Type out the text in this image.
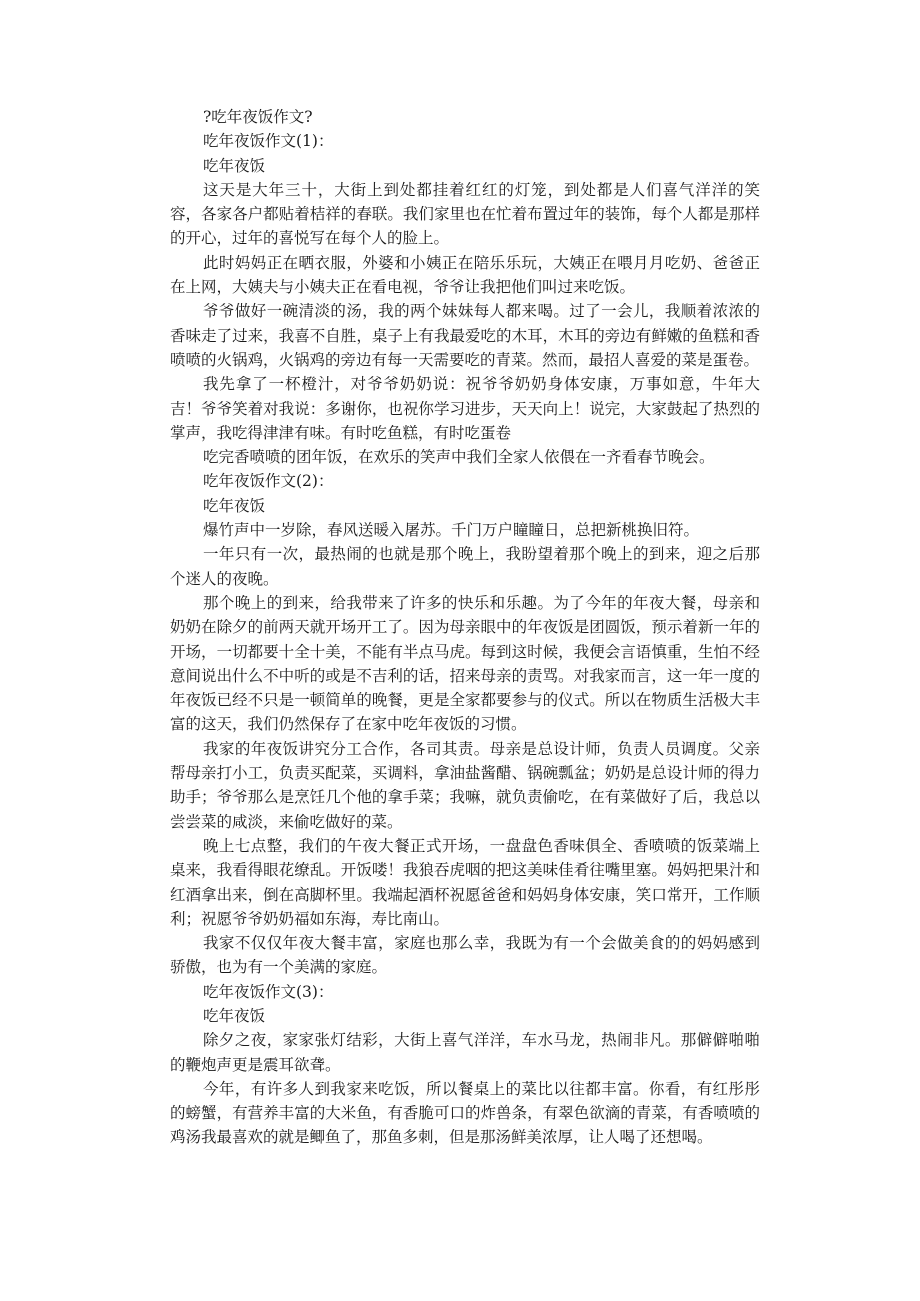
?吃年夜饭作文?

吃年夜饭作文(1)：

吃年夜饭

这天是大年三十，大街上到处都挂着红红的灯笼，到处都是人们喜气洋洋的笑容，各家各户都贴着桔祥的春联。我们家里也在忙着布置过年的装饰，每个人都是那样的开心，过年的喜悦写在每个人的脸上。

此时妈妈正在晒衣服，外婆和小姨正在陪乐乐玩，大姨正在喂月月吃奶、爸爸正在上网，大姨夫与小姨夫正在看电视，爷爷让我把他们叫过来吃饭。

爷爷做好一碗清淡的汤，我的两个妹妹每人都来喝。过了一会儿，我顺着浓浓的香味走了过来，我喜不自胜，桌子上有我最爱吃的木耳，木耳的旁边有鲜嫩的鱼糕和香喷喷的火锅鸡，火锅鸡的旁边有每一天需要吃的青菜。然而，最招人喜爱的菜是蛋卷。

我先拿了一杯橙汁，对爷爷奶奶说：祝爷爷奶奶身体安康，万事如意，牛年大吉！爷爷笑着对我说：多谢你，也祝你学习进步，天天向上！说完，大家鼓起了热烈的掌声，我吃得津津有味。有时吃鱼糕，有时吃蛋卷

吃完香喷喷的团年饭，在欢乐的笑声中我们全家人依偎在一齐看春节晚会。

吃年夜饭作文(2)：

吃年夜饭

爆竹声中一岁除，春风送暖入屠苏。千门万户瞳瞳日，总把新桃换旧符。

一年只有一次，最热闹的也就是那个晚上，我盼望着那个晚上的到来，迎之后那个迷人的夜晚。

那个晚上的到来，给我带来了许多的快乐和乐趣。为了今年的年夜大餐，母亲和奶奶在除夕的前两天就开场开工了。因为母亲眼中的年夜饭是团圆饭，预示着新一年的开场，一切都要十全十美，不能有半点马虎。每到这时候，我便会言语慎重，生怕不经意间说出什么不中听的或是不吉利的话，招来母亲的责骂。对我家而言，这一年一度的年夜饭已经不只是一顿简单的晚餐，更是全家都要参与的仪式。所以在物质生活极大丰富的这天，我们仍然保存了在家中吃年夜饭的习惯。

我家的年夜饭讲究分工合作，各司其责。母亲是总设计师，负责人员调度。父亲帮母亲打小工，负责买配菜，买调料，拿油盐酱醋、锅碗瓢盆；奶奶是总设计师的得力助手；爷爷那么是烹饪几个他的拿手菜；我嘛，就负责偷吃，在有菜做好了后，我总以尝尝菜的咸淡，来偷吃做好的菜。

晚上七点整，我们的午夜大餐正式开场，一盘盘色香味俱全、香喷喷的饭菜端上桌来，我看得眼花缭乱。开饭喽！我狼吞虎咽的把这美味佳肴往嘴里塞。妈妈把果汁和红酒拿出来，倒在高脚杯里。我端起酒杯祝愿爸爸和妈妈身体安康，笑口常开，工作顺利；祝愿爷爷奶奶福如东海，寿比南山。

我家不仅仅年夜大餐丰富，家庭也那么幸，我既为有一个会做美食的的妈妈感到骄傲，也为有一个美满的家庭。

吃年夜饭作文(3)：

吃年夜饭

除夕之夜，家家张灯结彩，大街上喜气洋洋，车水马龙，热闹非凡。那僻僻啪啪的鞭炮声更是震耳欲聋。

今年，有许多人到我家来吃饭，所以餐桌上的菜比以往都丰富。你看，有红彤彤的螃蟹，有营养丰富的大米鱼，有香脆可口的炸兽条，有翠色欲滴的青菜，有香喷喷的鸡汤我最喜欢的就是鲫鱼了，那鱼多刺，但是那汤鲜美浓厚，让人喝了还想喝。
